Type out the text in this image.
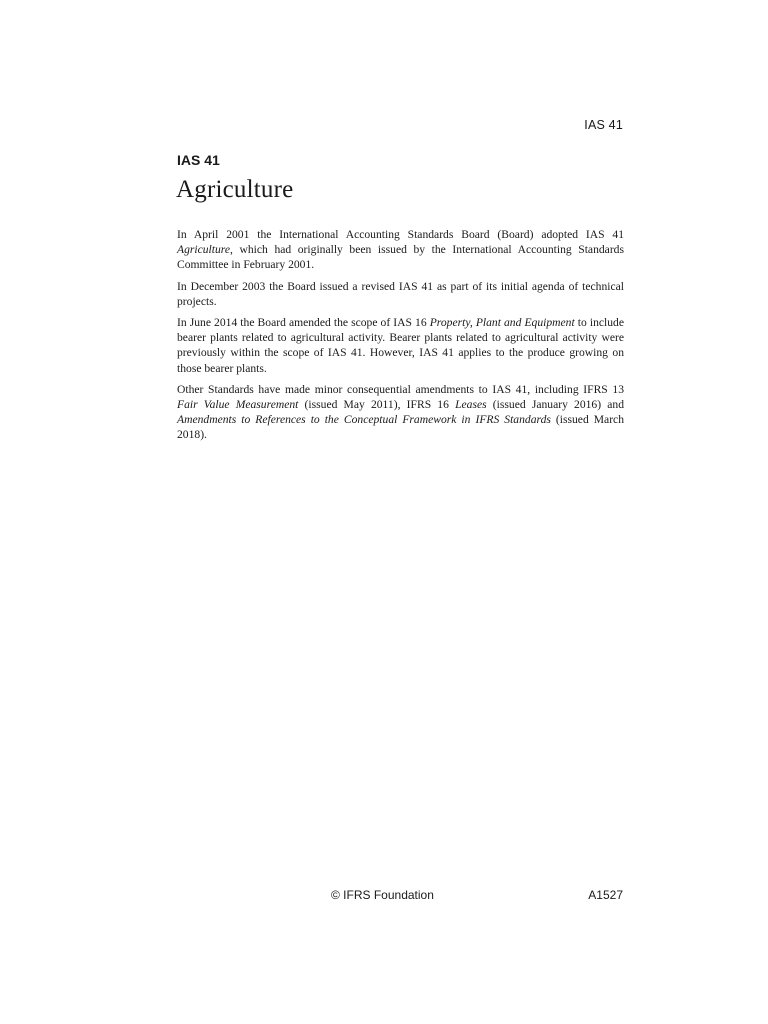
IAS 41
IAS 41
Agriculture

In April 2001 the International Accounting Standards Board (Board) adopted IAS 41 Agriculture, which had originally been issued by the International Accounting Standards Committee in February 2001.

In December 2003 the Board issued a revised IAS 41 as part of its initial agenda of technical projects.

In June 2014 the Board amended the scope of IAS 16 Property, Plant and Equipment to include bearer plants related to agricultural activity. Bearer plants related to agricultural activity were previously within the scope of IAS 41. However, IAS 41 applies to the produce growing on those bearer plants.

Other Standards have made minor consequential amendments to IAS 41, including IFRS 13 Fair Value Measurement (issued May 2011), IFRS 16 Leases (issued January 2016) and Amendments to References to the Conceptual Framework in IFRS Standards (issued March 2018).

© IFRS Foundation	A1527
